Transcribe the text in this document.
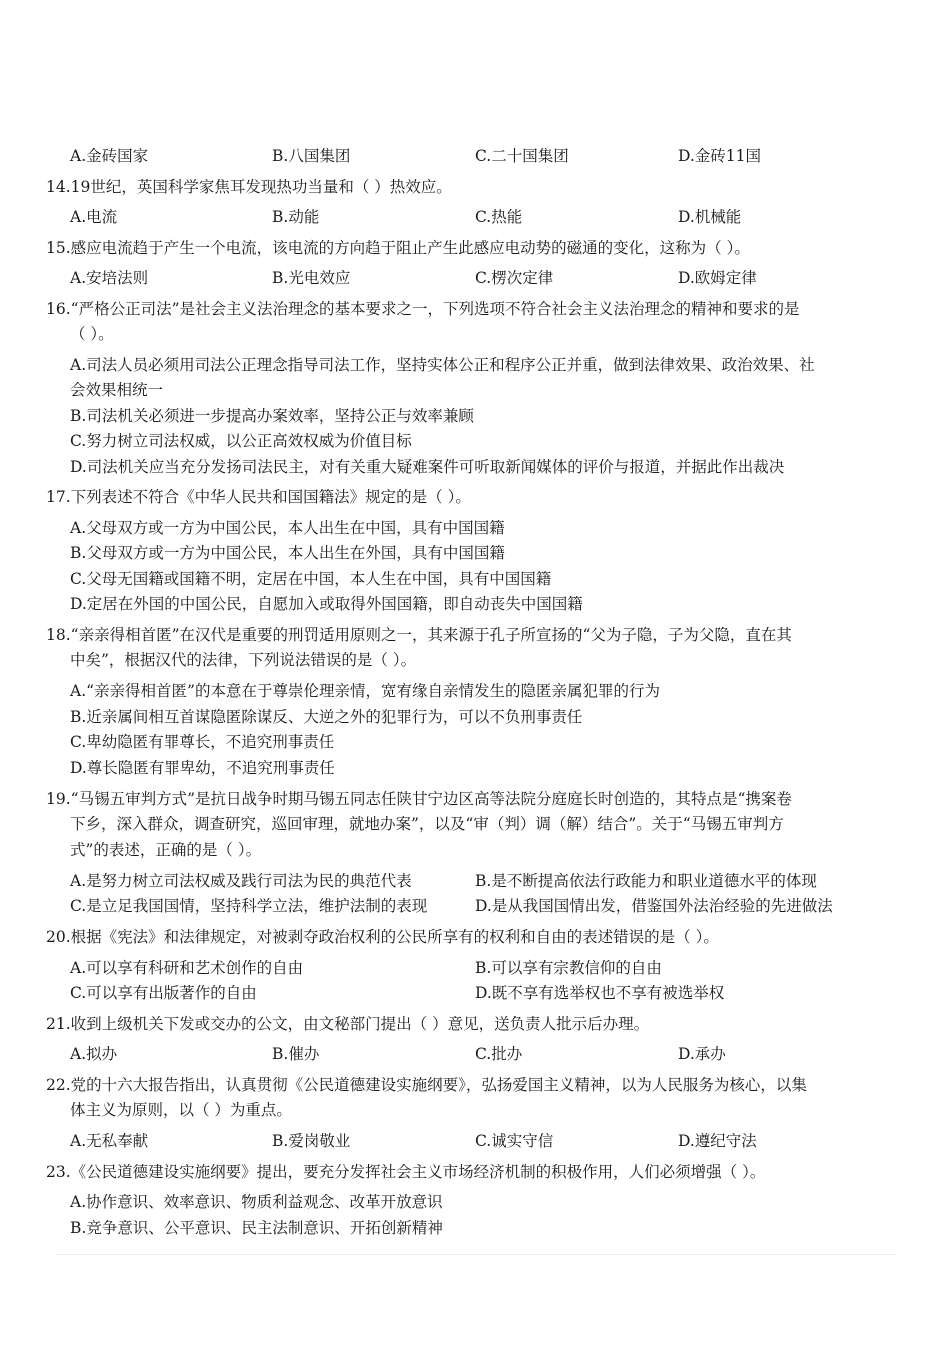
A.金砖国家	B.八国集团	C.二十国集团	D.金砖11国
14.19世纪，英国科学家焦耳发现热功当量和（ ）热效应。
A.电流	B.动能	C.热能	D.机械能
15.感应电流趋于产生一个电流，该电流的方向趋于阻止产生此感应电动势的磁通的变化，这称为（ ）。
A.安培法则	B.光电效应	C.楞次定律	D.欧姆定律
16.“严格公正司法”是社会主义法治理念的基本要求之一，下列选项不符合社会主义法治理念的精神和要求的是
（ ）。
A.司法人员必须用司法公正理念指导司法工作，坚持实体公正和程序公正并重，做到法律效果、政治效果、社
会效果相统一
B.司法机关必须进一步提高办案效率，坚持公正与效率兼顾
C.努力树立司法权威，以公正高效权威为价值目标
D.司法机关应当充分发扬司法民主，对有关重大疑难案件可听取新闻媒体的评价与报道，并据此作出裁决
17.下列表述不符合《中华人民共和国国籍法》规定的是（ ）。
A.父母双方或一方为中国公民，本人出生在中国，具有中国国籍
B.父母双方或一方为中国公民，本人出生在外国，具有中国国籍
C.父母无国籍或国籍不明，定居在中国，本人生在中国，具有中国国籍
D.定居在外国的中国公民，自愿加入或取得外国国籍，即自动丧失中国国籍
18.“亲亲得相首匿”在汉代是重要的刑罚适用原则之一，其来源于孔子所宣扬的“父为子隐，子为父隐，直在其
中矣”，根据汉代的法律，下列说法错误的是（ ）。
A.“亲亲得相首匿”的本意在于尊崇伦理亲情，宽宥缘自亲情发生的隐匿亲属犯罪的行为
B.近亲属间相互首谋隐匿除谋反、大逆之外的犯罪行为，可以不负刑事责任
C.卑幼隐匿有罪尊长，不追究刑事责任
D.尊长隐匿有罪卑幼，不追究刑事责任
19.“马锡五审判方式”是抗日战争时期马锡五同志任陕甘宁边区高等法院分庭庭长时创造的，其特点是“携案卷
下乡，深入群众，调查研究，巡回审理，就地办案”，以及“审（判）调（解）结合”。关于“马锡五审判方
式”的表述，正确的是（ ）。
A.是努力树立司法权威及践行司法为民的典范代表	B.是不断提高依法行政能力和职业道德水平的体现
C.是立足我国国情，坚持科学立法，维护法制的表现	D.是从我国国情出发，借鉴国外法治经验的先进做法
20.根据《宪法》和法律规定，对被剥夺政治权利的公民所享有的权利和自由的表述错误的是（ ）。
A.可以享有科研和艺术创作的自由	B.可以享有宗教信仰的自由
C.可以享有出版著作的自由	D.既不享有选举权也不享有被选举权
21.收到上级机关下发或交办的公文，由文秘部门提出（ ）意见，送负责人批示后办理。
A.拟办	B.催办	C.批办	D.承办
22.党的十六大报告指出，认真贯彻《公民道德建设实施纲要》，弘扬爱国主义精神，以为人民服务为核心，以集
体主义为原则，以（ ）为重点。
A.无私奉献	B.爱岗敬业	C.诚实守信	D.遵纪守法
23.《公民道德建设实施纲要》提出，要充分发挥社会主义市场经济机制的积极作用，人们必须增强（ ）。
A.协作意识、效率意识、物质利益观念、改革开放意识
B.竞争意识、公平意识、民主法制意识、开拓创新精神
